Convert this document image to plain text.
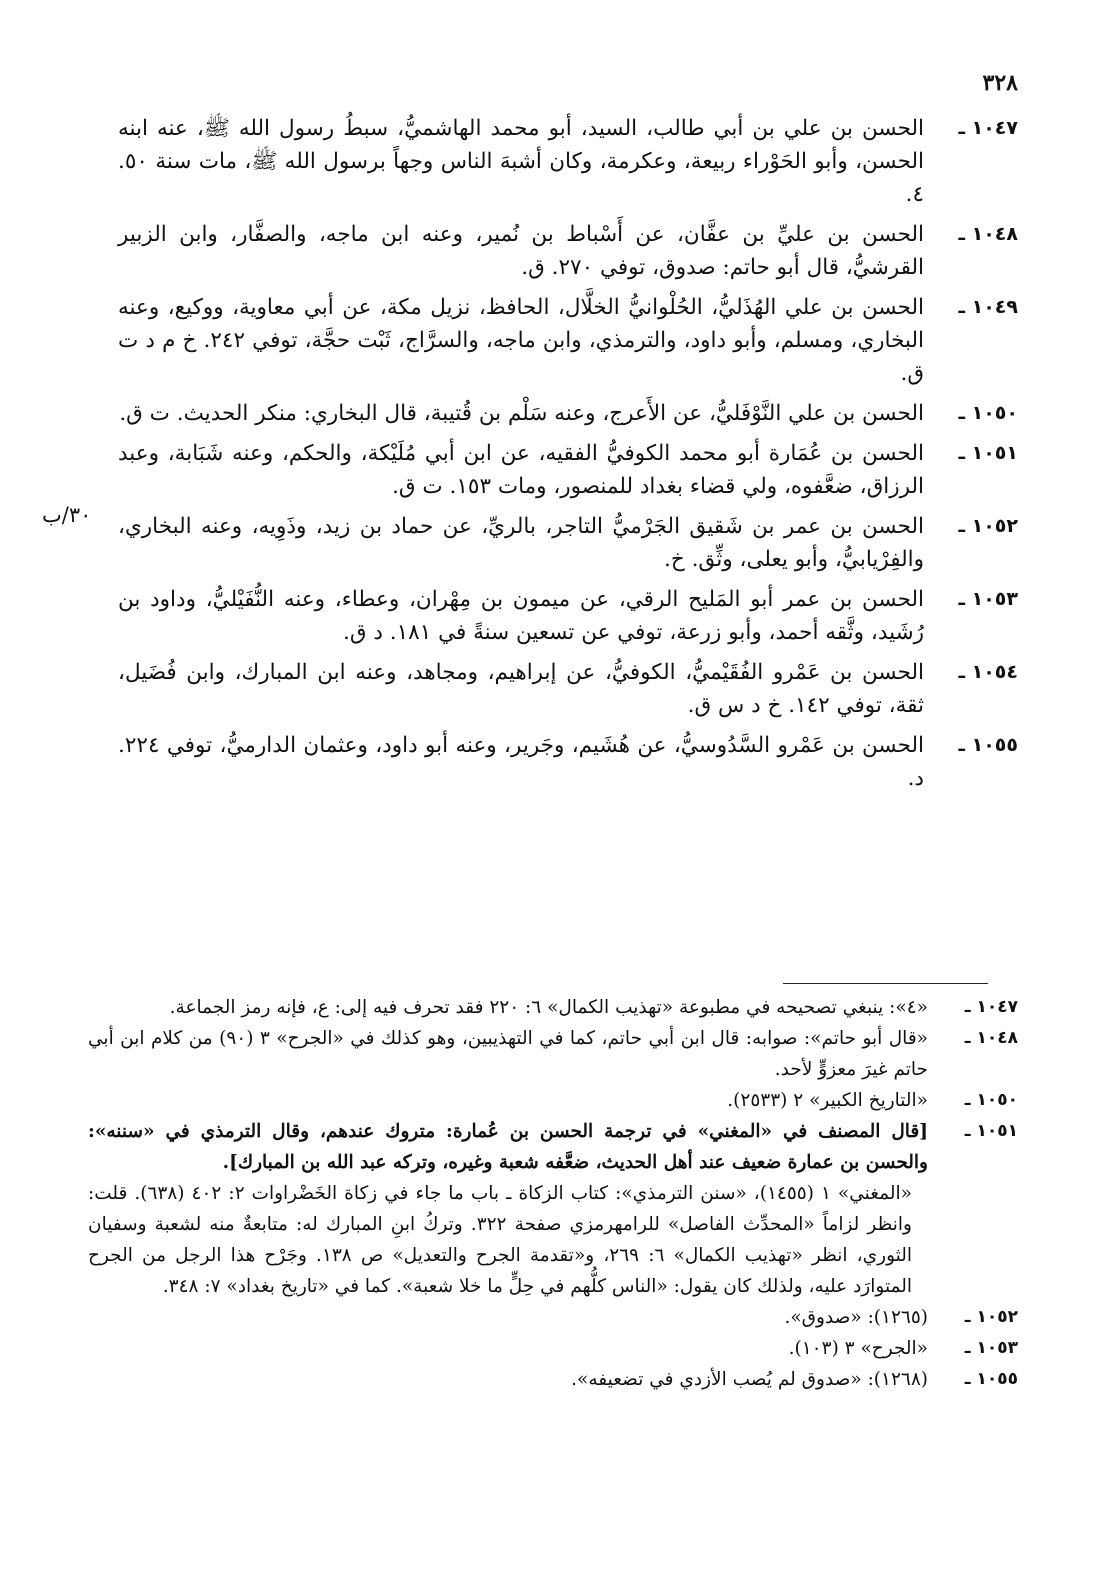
٣٢٨
٣٠/ب
١٠٤٧ ـ
الحسن بن علي بن أبي طالب، السيد، أبو محمد الهاشميُّ، سبطُ رسول الله ﷺ، عنه ابنه الحسن، وأبو الحَوْراء ربيعة، وعكرمة، وكان أشبهَ الناس وجهاً برسول الله ﷺ، مات سنة ٥٠. ٤.
١٠٤٨ ـ
الحسن بن عليِّ بن عفَّان، عن أَسْباط بن نُمير، وعنه ابن ماجه، والصفَّار، وابن الزبير القرشيُّ، قال أبو حاتم: صدوق، توفي ٢٧٠. ق.
١٠٤٩ ـ
الحسن بن علي الهُذَليُّ، الحُلْوانيُّ الخلَّال، الحافظ، نزيل مكة، عن أبي معاوية، ووكيع، وعنه البخاري، ومسلم، وأبو داود، والترمذي، وابن ماجه، والسرَّاج، ثَبْت حجَّة، توفي ٢٤٢. خ م د ت ق.
١٠٥٠ ـ
الحسن بن علي النَّوْفَليُّ، عن الأَعرج، وعنه سَلْم بن قُتيبة، قال البخاري: منكر الحديث. ت ق.
١٠٥١ ـ
الحسن بن عُمَارة أبو محمد الكوفيُّ الفقيه، عن ابن أبي مُلَيْكة، والحكم، وعنه شَبَابة، وعبد الرزاق، ضعَّفوه، ولي قضاء بغداد للمنصور، ومات ١٥٣. ت ق.
١٠٥٢ ـ
الحسن بن عمر بن شَقيق الجَرْميُّ التاجر، بالريِّ، عن حماد بن زيد، وذَوِيه، وعنه البخاري، والفِرْيابيُّ، وأبو يعلى، وثِّق. خ.
١٠٥٣ ـ
الحسن بن عمر أبو المَليح الرقي، عن ميمون بن مِهْران، وعطاء، وعنه النُّفَيْليُّ، وداود بن رُشَيد، وثَّقه أحمد، وأبو زرعة، توفي عن تسعين سنةً في ١٨١. د ق.
١٠٥٤ ـ
الحسن بن عَمْرو الفُقَيْميُّ، الكوفيُّ، عن إبراهيم، ومجاهد، وعنه ابن المبارك، وابن فُضَيل، ثقة، توفي ١٤٢. خ د س ق.
١٠٥٥ ـ
الحسن بن عَمْرو السَّدُوسيُّ، عن هُشَيم، وجَرير، وعنه أبو داود، وعثمان الدارميُّ، توفي ٢٢٤. د.
١٠٤٧ ـ
«٤»: ينبغي تصحيحه في مطبوعة «تهذيب الكمال» ٦: ٢٢٠ فقد تحرف فيه إلى: ع، فإنه رمز الجماعة.
١٠٤٨ ـ
«قال أبو حاتم»: صوابه: قال ابن أبي حاتم، كما في التهذيبين، وهو كذلك في «الجرح» ٣ (٩٠) من كلام ابن أبي حاتم غيرَ معزوٍّ لأحد.
١٠٥٠ ـ
«التاريخ الكبير» ٢ (٢٥٣٣).
١٠٥١ ـ
[قال المصنف في «المغني» في ترجمة الحسن بن عُمارة: متروك عندهم، وقال الترمذي في «سننه»: والحسن بن عمارة ضعيف عند أهل الحديث، ضعَّفه شعبة وغيره، وتركه عبد الله بن المبارك].
«المغني» ١ (١٤٥٥)، «سنن الترمذي»: كتاب الزكاة ـ باب ما جاء في زكاة الخَضْراوات ٢: ٤٠٢ (٦٣٨). قلت: وانظر لزاماً «المحدِّث الفاصل» للرامهرمزي صفحة ٣٢٢. وتركُ ابنِ المبارك له: متابعةٌ منه لشعبة وسفيان الثوري، انظر «تهذيب الكمال» ٦: ٢٦٩، و«تقدمة الجرح والتعديل» ص ١٣٨. وجَرْح هذا الرجل من الجرح المتوارَد عليه، ولذلك كان يقول: «الناس كلُّهم في حِلٍّ ما خلا شعبة». كما في «تاريخ بغداد» ٧: ٣٤٨.
١٠٥٢ ـ
(١٢٦٥): «صدوق».
١٠٥٣ ـ
«الجرح» ٣ (١٠٣).
١٠٥٥ ـ
(١٢٦٨): «صدوق لم يُصب الأزدي في تضعيفه».
